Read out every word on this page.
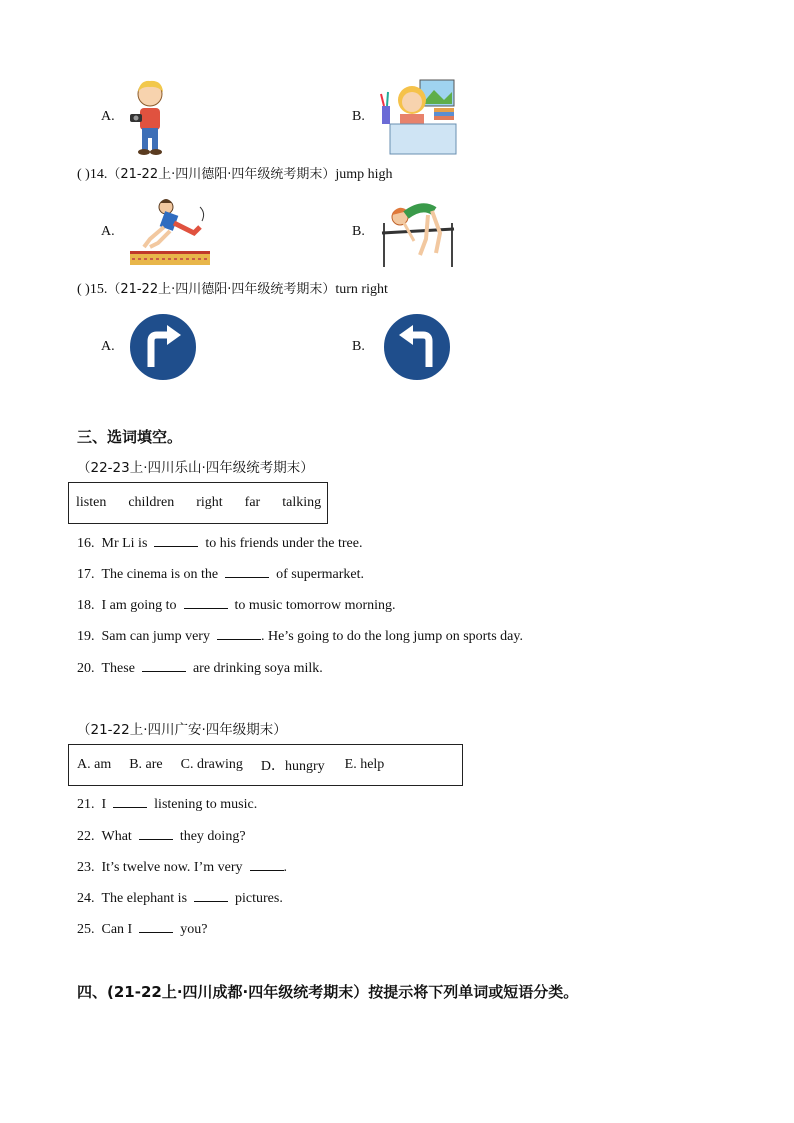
A.	B.
( )14.（21-22上·四川德阳·四年级统考期末）jump high
A.	B.
( )15.（21-22上·四川德阳·四年级统考期末）turn right
A.	B.
三、选词填空。
（22-23上·四川乐山·四年级统考期末）
listen children right far talking
16. Mr Li is	to his friends under the tree.
17. The cinema is on the	of supermarket.
18. I am going to	to music tomorrow morning.
19. Sam can jump very	. He’s going to do the long jump on sports day.
20. These	are drinking soya milk.
（21-22上·四川广安·四年级期末）
A. am B. are C. drawing D．hungry E. help
21. I	listening to music.
22. What	they doing?
23. It’s twelve now. I’m very	.
24. The elephant is	pictures.
25. Can I	you?
四、(21-22上·四川成都·四年级统考期末）按提示将下列单词或短语分类。
